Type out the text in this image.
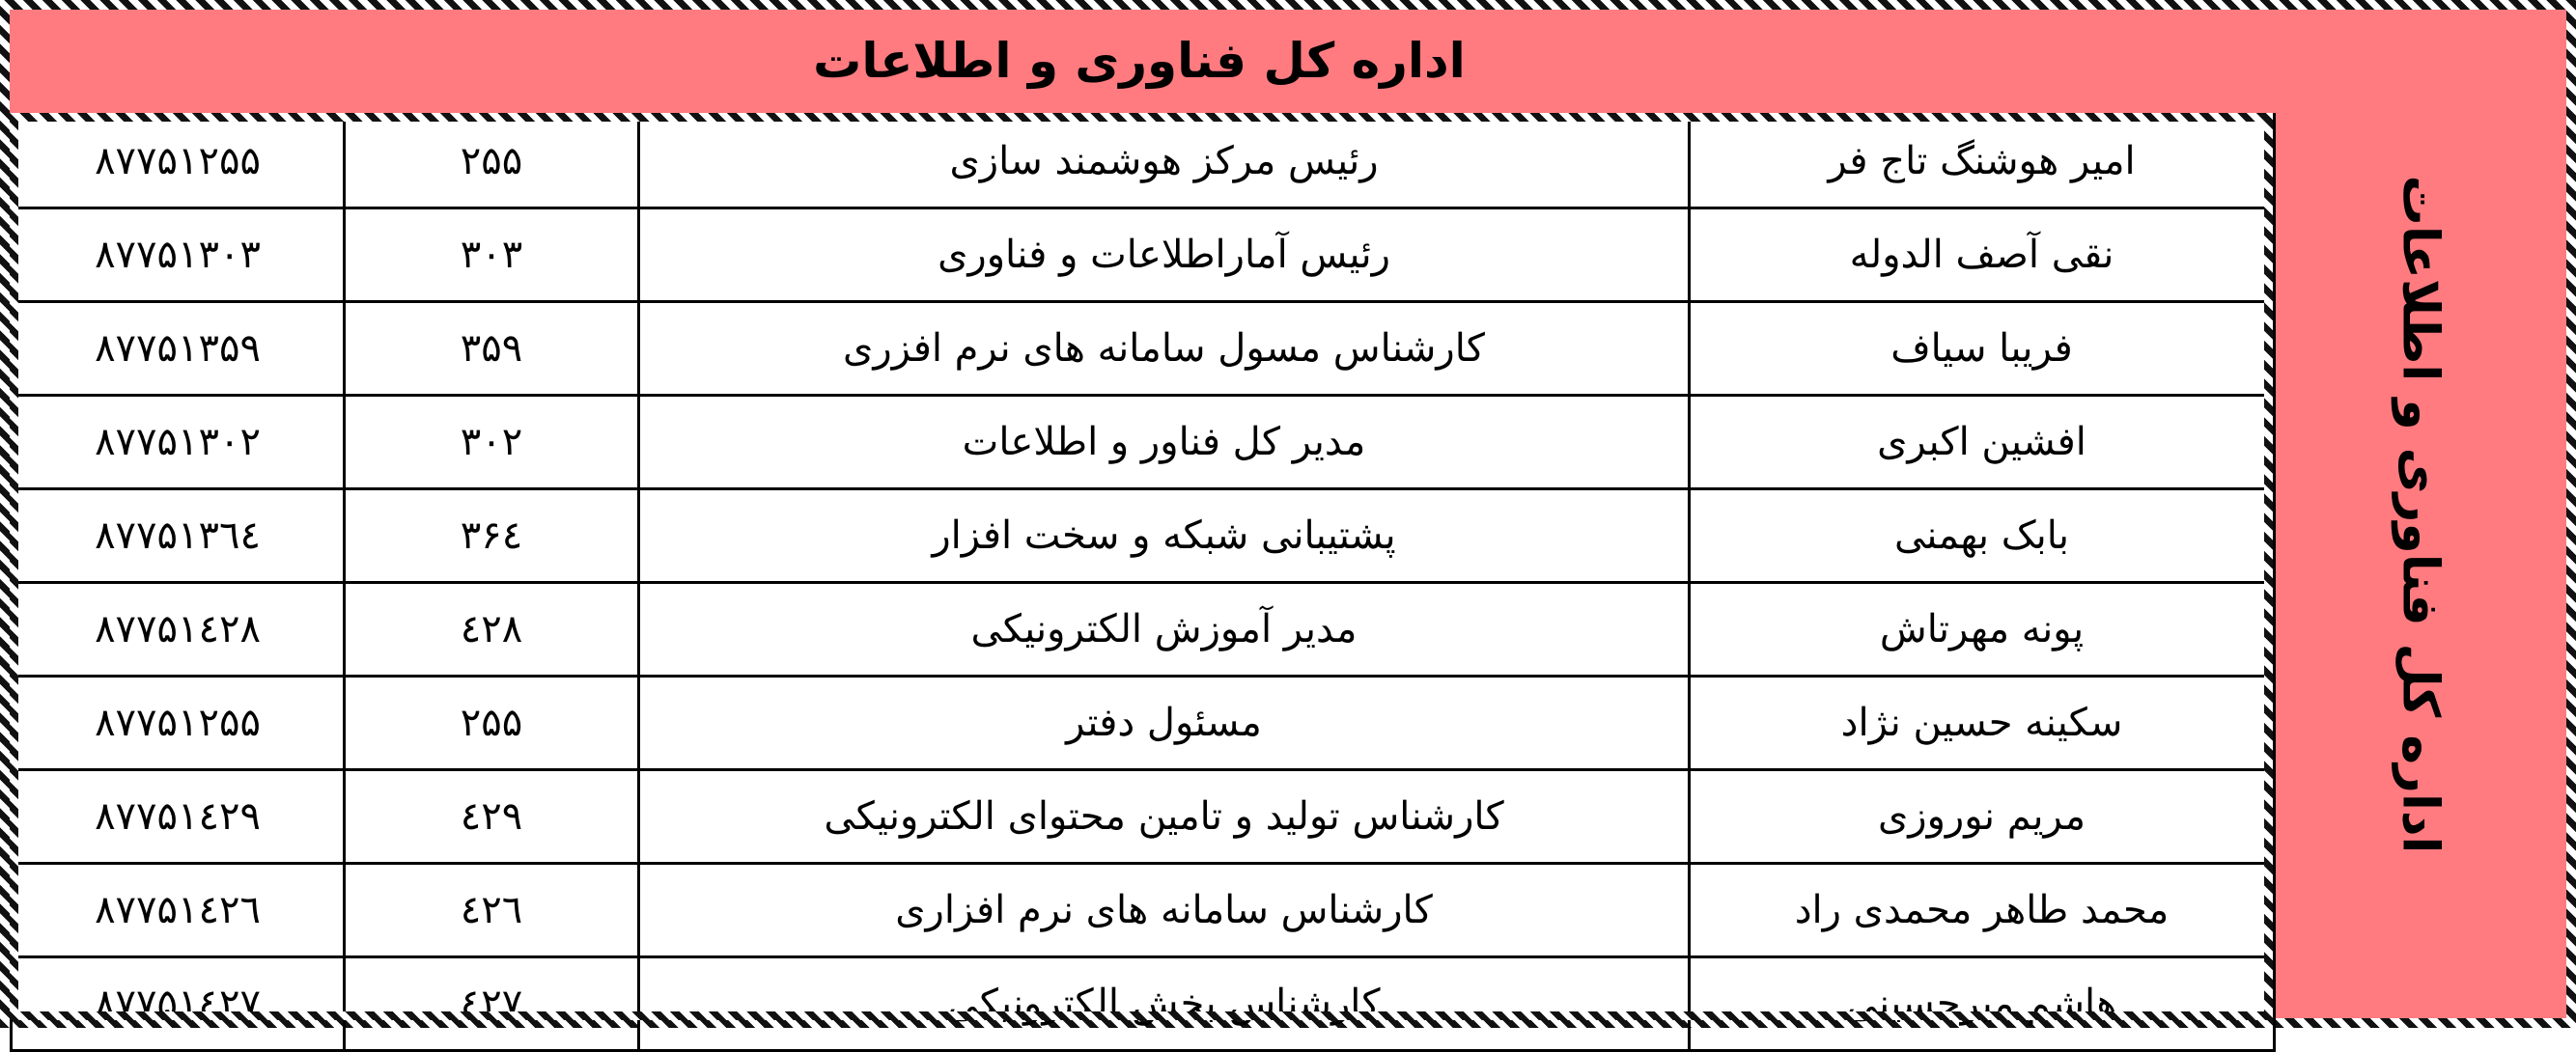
اداره کل فناوری و اطلاعات
اداره کل فناوری و اطلاعات
۸۷۷۵۱۲۵۵	۲۵۵	رئیس مرکز هوشمند سازی	امیر هوشنگ تاج فر
۸۷۷۵۱۳۰۳	۳۰۳	رئیس آماراطلاعات و فناوری	نقی آصف الدوله
۸۷۷۵۱۳۵۹	۳۵۹	کارشناس مسول سامانه های نرم افزری	فریبا سیاف
۸۷۷۵۱۳۰۲	۳۰۲	مدیر کل فناور و اطلاعات	افشین اکبری
۸۷۷۵۱۳٦٤	۳۶٤	پشتیبانی شبکه و سخت افزار	بابک بهمنی
۸۷۷۵۱٤۲۸	٤۲۸	مدیر آموزش الکترونیکی	پونه مهرتاش
۸۷۷۵۱۲۵۵	۲۵۵	مسئول دفتر	سکینه حسین نژاد
۸۷۷۵۱٤۲۹	٤۲۹	کارشناس تولید و تامین محتوای الکترونیکی	مریم نوروزی
۸۷۷۵۱٤۲٦	٤۲٦	کارشناس سامانه های نرم افزاری	محمد طاهر محمدی راد
۸۷۷۵۱٤۲۷	٤۲۷	کارشناس بخش الکترونیکی	هاشم میرحسینی
